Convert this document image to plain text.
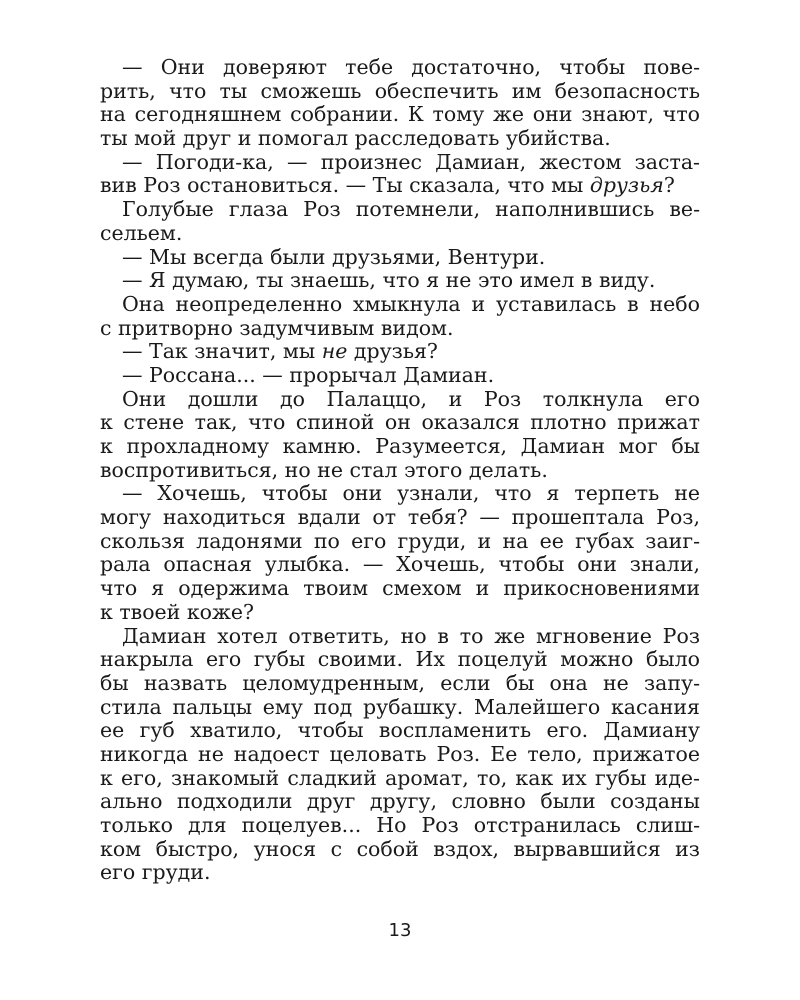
— Они доверяют тебе достаточно, чтобы пове-
рить, что ты сможешь обеспечить им безопасность
на сегодняшнем собрании. К тому же они знают, что
ты мой друг и помогал расследовать убийства.
— Погоди-ка, — произнес Дамиан, жестом заста-
вив Роз остановиться. — Ты сказала, что мы друзья?
Голубые глаза Роз потемнели, наполнившись ве-
сельем.
— Мы всегда были друзьями, Вентури.
— Я думаю, ты знаешь, что я не это имел в виду.
Она неопределенно хмыкнула и уставилась в небо
с притворно задумчивым видом.
— Так значит, мы не друзья?
— Россана... — прорычал Дамиан.
Они дошли до Палаццо, и Роз толкнула его
к стене так, что спиной он оказался плотно прижат
к прохладному камню. Разумеется, Дамиан мог бы
воспротивиться, но не стал этого делать.
— Хочешь, чтобы они узнали, что я терпеть не
могу находиться вдали от тебя? — прошептала Роз,
скользя ладонями по его груди, и на ее губах заиг-
рала опасная улыбка. — Хочешь, чтобы они знали,
что я одержима твоим смехом и прикосновениями
к твоей коже?
Дамиан хотел ответить, но в то же мгновение Роз
накрыла его губы своими. Их поцелуй можно было
бы назвать целомудренным, если бы она не запу-
стила пальцы ему под рубашку. Малейшего касания
ее губ хватило, чтобы воспламенить его. Дамиану
никогда не надоест целовать Роз. Ее тело, прижатое
к его, знакомый сладкий аромат, то, как их губы иде-
ально подходили друг другу, словно были созданы
только для поцелуев... Но Роз отстранилась слиш-
ком быстро, унося с собой вздох, вырвавшийся из
его груди.
13
